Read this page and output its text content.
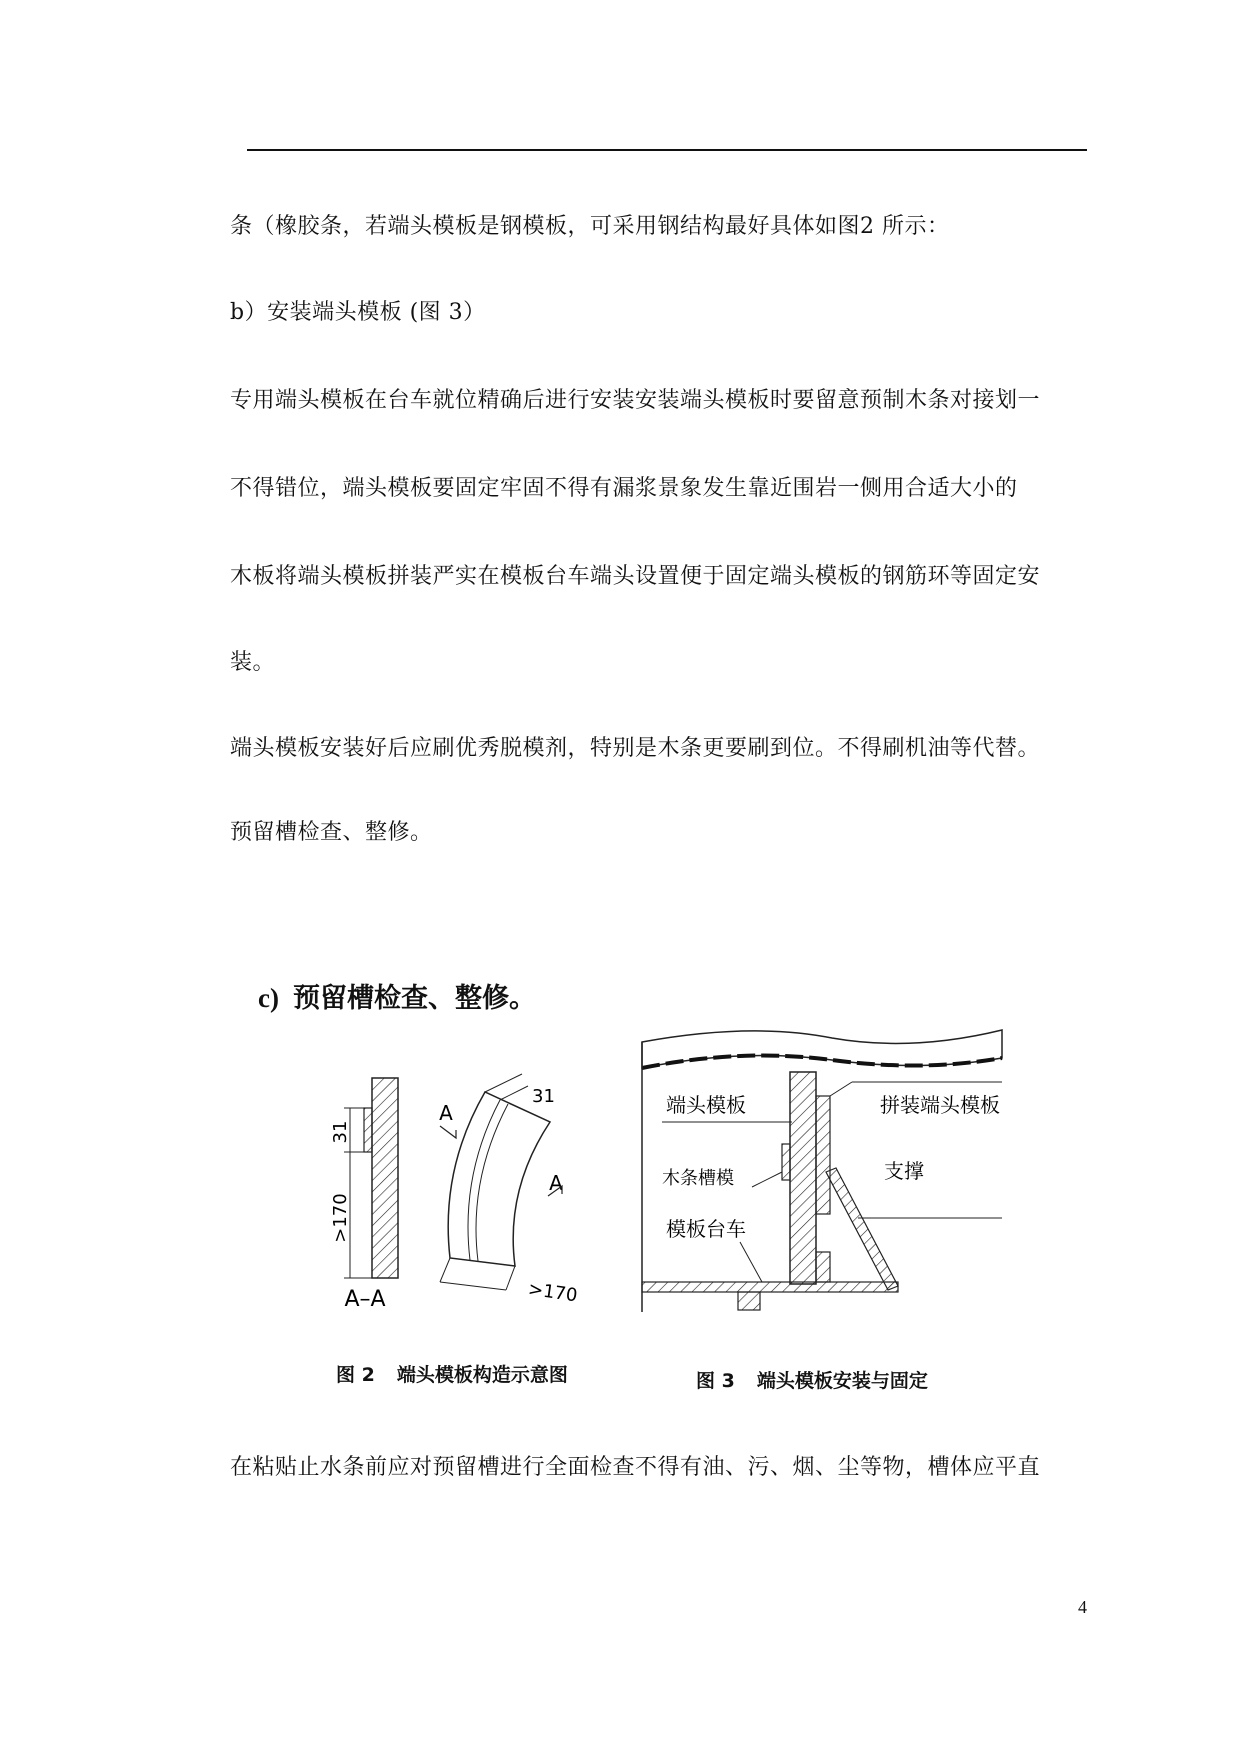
条（橡胶条，若端头模板是钢模板，可采用钢结构最好具体如图2 所示：
b）安装端头模板 (图 3）
专用端头模板在台车就位精确后进行安装安装端头模板时要留意预制木条对接划一
不得错位，端头模板要固定牢固不得有漏浆景象发生靠近围岩一侧用合适大小的
木板将端头模板拼装严实在模板台车端头设置便于固定端头模板的钢筋环等固定安
装。
端头模板安装好后应刷优秀脱模剂，特别是木条更要刷到位。不得刷机油等代替。
预留槽检查、整修。
c) 预留槽检查、整修。
31
>170
A–A
31
A
A
>170
端头模板	拼装端头模板
木条槽模	支撑
模板台车
图 2 端头模板构造示意图	图 3 端头模板安装与固定
在粘贴止水条前应对预留槽进行全面检查不得有油、污、烟、尘等物，槽体应平直
4
